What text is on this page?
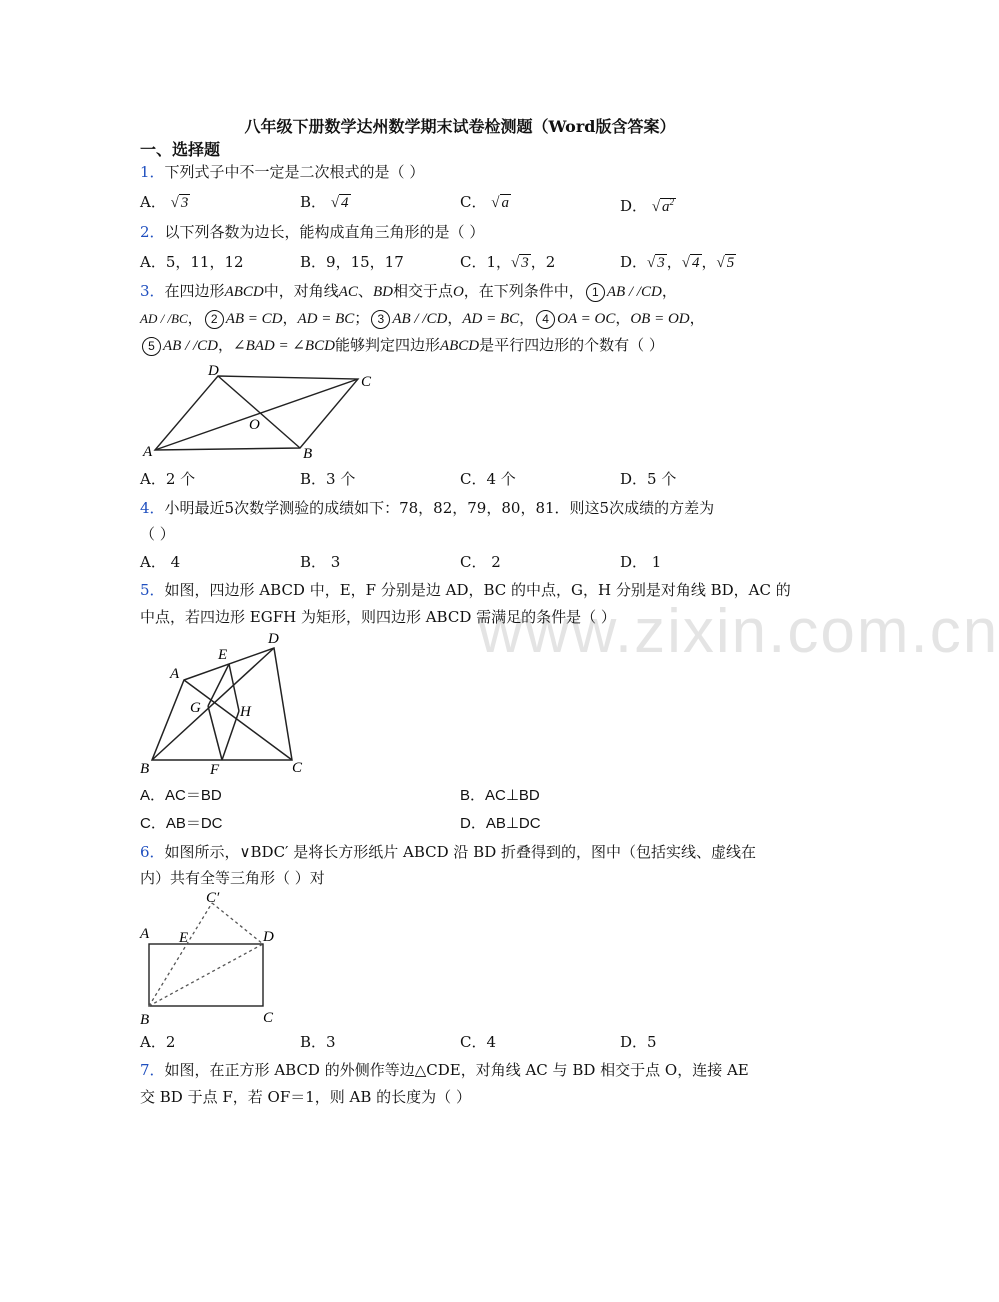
八年级下册数学达州数学期末试卷检测题（Word版含答案）
一、选择题
1．下列式子中不一定是二次根式的是（ ）
A． √ 3	B． √ 4	C． √ a	D． √ $a^2$
2．以下列各数为边长，能构成直角三角形的是（ ）
A．5，11，12	B．9，15，17	C．1，√ 3 ，2	D．√ 3 ，√ 4 ，√ 5
3．在四边形ABCD中，对角线AC、BD相交于点O，在下列条件中， 1 AB / /CD，
AD / /BC， 2 AB = CD，AD = BC； 3 AB / /CD，AD = BC， 4 OA = OC，OB = OD，
5 AB / /CD，∠BAD = ∠BCD能够判定四边形ABCD是平行四边形的个数有（ ）
D
C
A	B
O
A．2 个	B．3 个	C．4 个	D．5 个
4．小明最近5次数学测验的成绩如下：78，82，79，80，81．则这5次成绩的方差为
（ ）
A． 4	B． 3	C． 2	D． 1
www.zixin.com.cn
5．如图，四边形 ABCD 中，E，F 分别是边 AD，BC 的中点，G，H 分别是对角线 BD，AC 的
中点，若四边形 EGFH 为矩形，则四边形 ABCD 需满足的条件是（ ）
D
E
A
G	H
B	F	C
A．AC＝BD	B．AC⊥BD
C．AB＝DC	D．AB⊥DC
6．如图所示，∨BDC′ 是将长方形纸片 ABCD 沿 BD 折叠得到的，图中（包括实线、虚线在
内）共有全等三角形（ ）对
C′
A E	D
B	C
A．2	B．3	C．4	D．5
7．如图，在正方形 ABCD 的外侧作等边△CDE，对角线 AC 与 BD 相交于点 O，连接 AE
交 BD 于点 F，若 OF＝1，则 AB 的长度为（ ）
